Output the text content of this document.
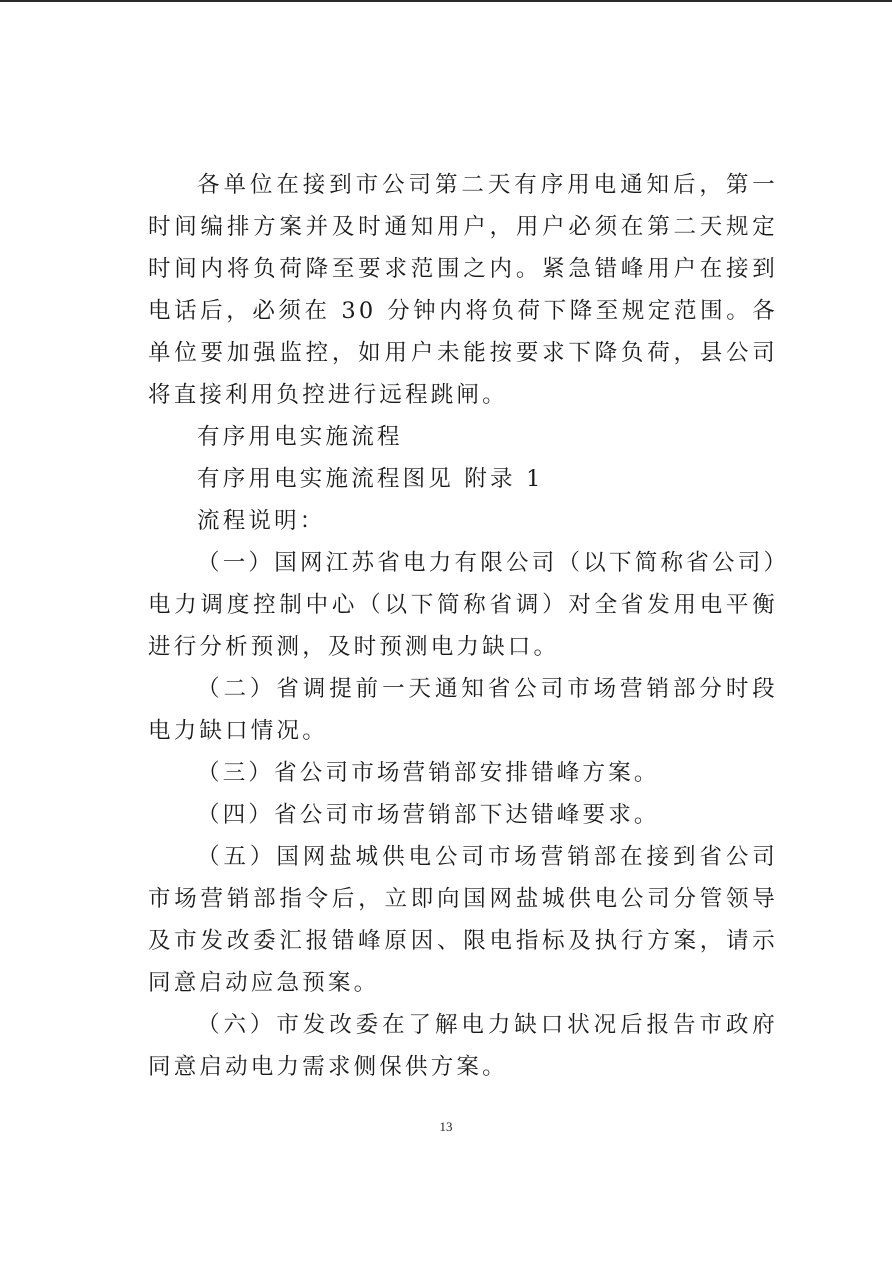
各单位在接到市公司第二天有序用电通知后，第一时间编排方案并及时通知用户，用户必须在第二天规定时间内将负荷降至要求范围之内。紧急错峰用户在接到电话后，必须在 30 分钟内将负荷下降至规定范围。各单位要加强监控，如用户未能按要求下降负荷，县公司将直接利用负控进行远程跳闸。

有序用电实施流程

有序用电实施流程图见 附录 1

流程说明：

（一）国网江苏省电力有限公司（以下简称省公司）电力调度控制中心（以下简称省调）对全省发用电平衡进行分析预测，及时预测电力缺口。

（二）省调提前一天通知省公司市场营销部分时段电力缺口情况。

（三）省公司市场营销部安排错峰方案。

（四）省公司市场营销部下达错峰要求。

（五）国网盐城供电公司市场营销部在接到省公司市场营销部指令后，立即向国网盐城供电公司分管领导及市发改委汇报错峰原因、限电指标及执行方案，请示同意启动应急预案。

（六）市发改委在了解电力缺口状况后报告市政府同意启动电力需求侧保供方案。

13
